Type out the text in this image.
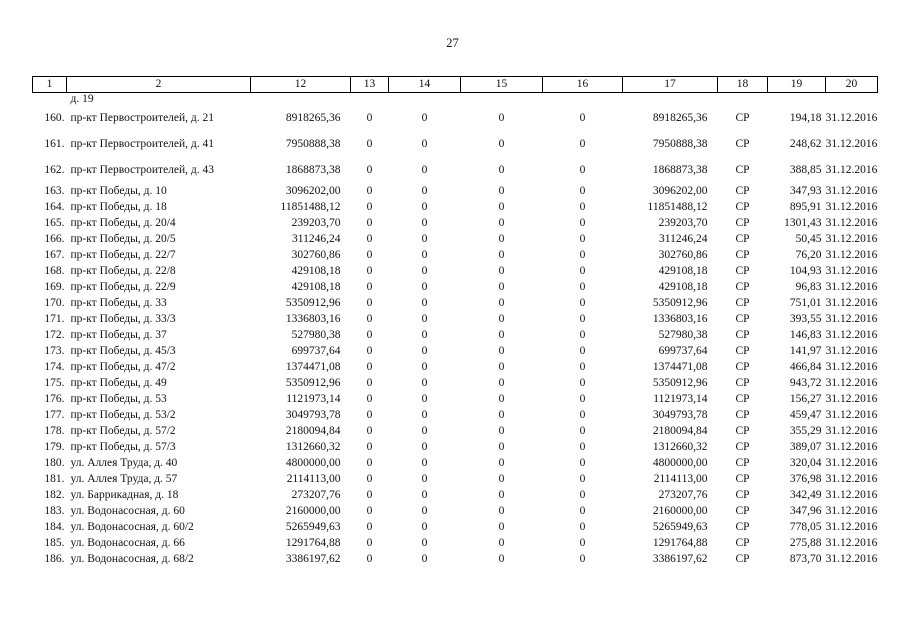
27
1	2	12	13	14	15	16	17	18	19	20
	д. 19									
160.	пр-кт Первостроителей, д. 21	8918265,36	0	0	0	0	8918265,36	СР	194,18	31.12.2016
161.	пр-кт Первостроителей, д. 41	7950888,38	0	0	0	0	7950888,38	СР	248,62	31.12.2016
162.	пр-кт Первостроителей, д. 43	1868873,38	0	0	0	0	1868873,38	СР	388,85	31.12.2016
163.	пр-кт Победы, д. 10	3096202,00	0	0	0	0	3096202,00	СР	347,93	31.12.2016
164.	пр-кт Победы, д. 18	11851488,12	0	0	0	0	11851488,12	СР	895,91	31.12.2016
165.	пр-кт Победы, д. 20/4	239203,70	0	0	0	0	239203,70	СР	1301,43	31.12.2016
166.	пр-кт Победы, д. 20/5	311246,24	0	0	0	0	311246,24	СР	50,45	31.12.2016
167.	пр-кт Победы, д. 22/7	302760,86	0	0	0	0	302760,86	СР	76,20	31.12.2016
168.	пр-кт Победы, д. 22/8	429108,18	0	0	0	0	429108,18	СР	104,93	31.12.2016
169.	пр-кт Победы, д. 22/9	429108,18	0	0	0	0	429108,18	СР	96,83	31.12.2016
170.	пр-кт Победы, д. 33	5350912,96	0	0	0	0	5350912,96	СР	751,01	31.12.2016
171.	пр-кт Победы, д. 33/3	1336803,16	0	0	0	0	1336803,16	СР	393,55	31.12.2016
172.	пр-кт Победы, д. 37	527980,38	0	0	0	0	527980,38	СР	146,83	31.12.2016
173.	пр-кт Победы, д. 45/3	699737,64	0	0	0	0	699737,64	СР	141,97	31.12.2016
174.	пр-кт Победы, д. 47/2	1374471,08	0	0	0	0	1374471,08	СР	466,84	31.12.2016
175.	пр-кт Победы, д. 49	5350912,96	0	0	0	0	5350912,96	СР	943,72	31.12.2016
176.	пр-кт Победы, д. 53	1121973,14	0	0	0	0	1121973,14	СР	156,27	31.12.2016
177.	пр-кт Победы, д. 53/2	3049793,78	0	0	0	0	3049793,78	СР	459,47	31.12.2016
178.	пр-кт Победы, д. 57/2	2180094,84	0	0	0	0	2180094,84	СР	355,29	31.12.2016
179.	пр-кт Победы, д. 57/3	1312660,32	0	0	0	0	1312660,32	СР	389,07	31.12.2016
180.	ул. Аллея Труда, д. 40	4800000,00	0	0	0	0	4800000,00	СР	320,04	31.12.2016
181.	ул. Аллея Труда, д. 57	2114113,00	0	0	0	0	2114113,00	СР	376,98	31.12.2016
182.	ул. Баррикадная, д. 18	273207,76	0	0	0	0	273207,76	СР	342,49	31.12.2016
183.	ул. Водонасосная, д. 60	2160000,00	0	0	0	0	2160000,00	СР	347,96	31.12.2016
184.	ул. Водонасосная, д. 60/2	5265949,63	0	0	0	0	5265949,63	СР	778,05	31.12.2016
185.	ул. Водонасосная, д. 66	1291764,88	0	0	0	0	1291764,88	СР	275,88	31.12.2016
186.	ул. Водонасосная, д. 68/2	3386197,62	0	0	0	0	3386197,62	СР	873,70	31.12.2016
